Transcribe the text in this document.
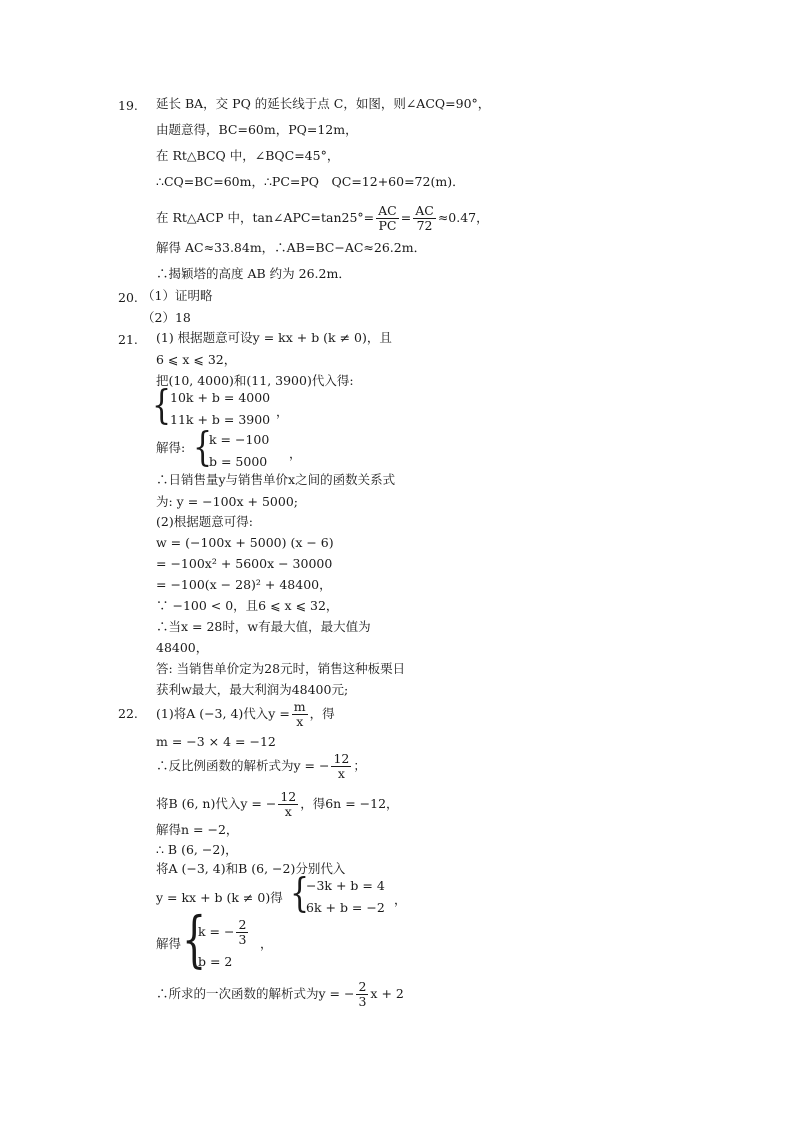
19. 延长 BA，交 PQ 的延长线于点 C，如图，则∠ACQ=90°，
由题意得，BC=60m，PQ=12m，
在 Rt△BCQ 中，∠BQC=45°，
∴CQ=BC=60m，∴PC=PQ　QC=12+60=72(m)．
在 Rt△ACP 中，tan∠APC=tan25°= $\frac{AC}{PC} = \frac{AC}{72} \approx 0.47$，
解得 AC≈33.84m，∴AB=BC−AC≈26.2m．
∴揭颖塔的高度 AB 约为 26.2m．
20. （1）证明略
（2）18
21. (1) 根据题意可设y = kx + b (k ≠ 0)，且
6 ⩽ x ⩽ 32，
把(10, 4000)和(11, 3900)代入得:
{
10k + b = 4000
11k + b = 3900
，
解得: {
k = −100
b = 5000
，
∴日销售量y与销售单价x之间的函数关系式
为: y = −100x + 5000;
(2)根据题意可得:
w = (−100x + 5000) (x − 6)
= −100x² + 5600x − 30000
= −100(x − 28)² + 48400，
∵ −100 < 0，且6 ⩽ x ⩽ 32，
∴当x = 28时，w有最大值，最大值为
48400，
答: 当销售单价定为28元时，销售这种板栗日
获利w最大，最大利润为48400元;
22. (1)将A (−3, 4)代入$y = \frac{m}{x}$ ，得
m = −3 × 4 = −12
∴反比例函数的解析式为y = − $\frac{12}{x}$ ；
将B (6, n)代入y = − $\frac{12}{x}$ ，得6n = −12，
解得n = −2，
∴ B (6, −2)，
将A (−3, 4)和B (6, −2)分别代入
y = kx + b (k ≠ 0)得 {
−3k + b = 4
6k + b = −2
，
解得 {
k = − $\frac{2}{3}$
b = 2
，
∴所求的一次函数的解析式为y = − $\frac{2}{3}$ x + 2
